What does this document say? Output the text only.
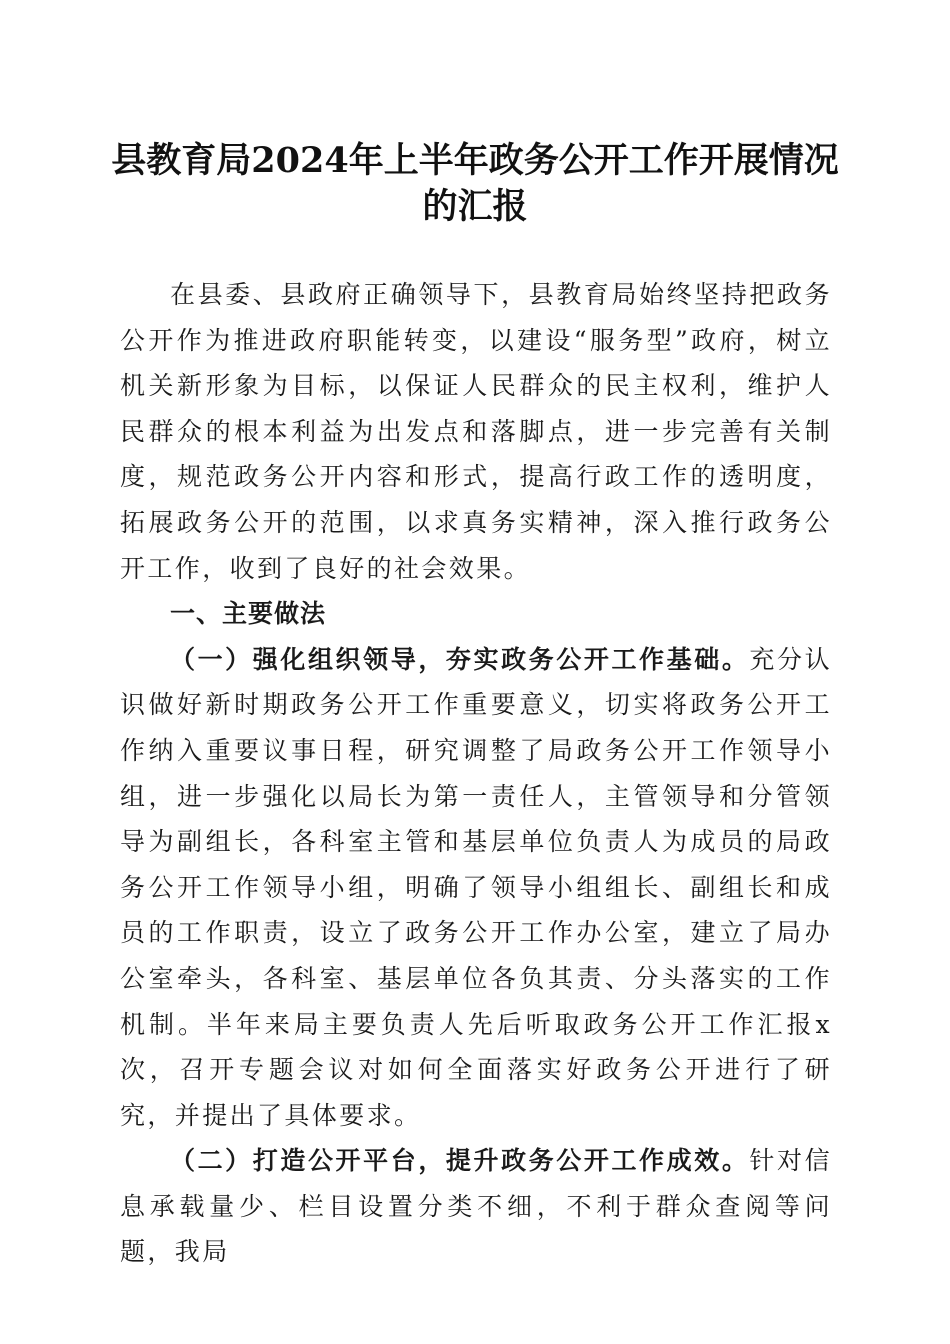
县教育局2024年上半年政务公开工作开展情况的汇报

在县委、县政府正确领导下，县教育局始终坚持把政务公开作为推进政府职能转变，以建设“服务型”政府，树立机关新形象为目标，以保证人民群众的民主权利，维护人民群众的根本利益为出发点和落脚点，进一步完善有关制度，规范政务公开内容和形式，提高行政工作的透明度，拓展政务公开的范围，以求真务实精神，深入推行政务公开工作，收到了良好的社会效果。

一、主要做法

（一）强化组织领导，夯实政务公开工作基础。充分认识做好新时期政务公开工作重要意义，切实将政务公开工作纳入重要议事日程，研究调整了局政务公开工作领导小组，进一步强化以局长为第一责任人，主管领导和分管领导为副组长，各科室主管和基层单位负责人为成员的局政务公开工作领导小组，明确了领导小组组长、副组长和成员的工作职责，设立了政务公开工作办公室，建立了局办公室牵头，各科室、基层单位各负其责、分头落实的工作机制。半年来局主要负责人先后听取政务公开工作汇报x次，召开专题会议对如何全面落实好政务公开进行了研究，并提出了具体要求。

（二）打造公开平台，提升政务公开工作成效。针对信息承载量少、栏目设置分类不细，不利于群众查阅等问题，我局
